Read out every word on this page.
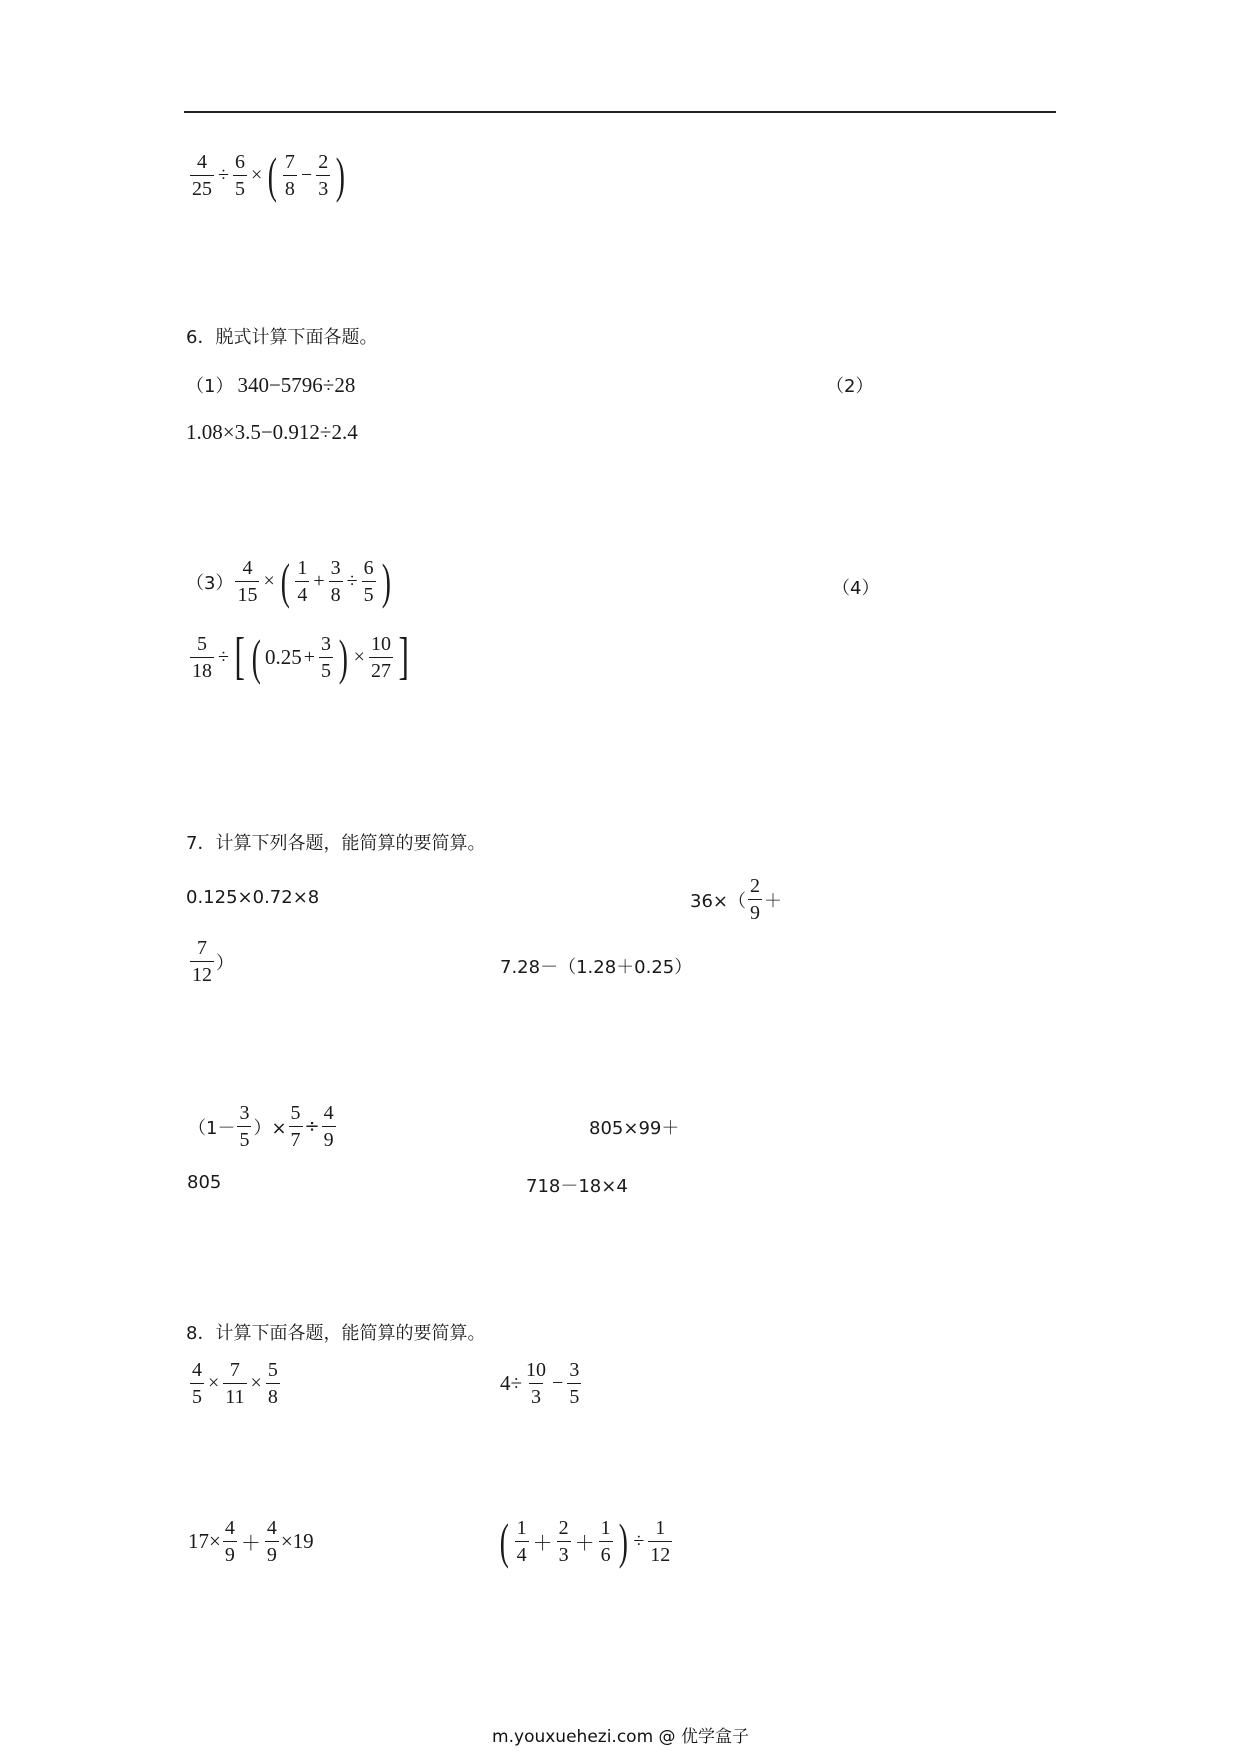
$\frac{4}{25} \div \frac{6}{5}$ × ( $\frac{7}{8} - \frac{2}{3}$ )
6．脱式计算下面各题。
（1） 340−5796÷28	（2）
1.08×3.5−0.912÷2.4
$(3) \frac{4}{15}$ × ( $\frac{1}{4} + \frac{3}{8} \div \frac{6}{5}$ )	（4）
$\frac{5}{18}$ ÷ [ ( $0.25 + \frac{3}{5}$ ) × $\frac{10}{27}$ ]
7．计算下列各题，能简算的要简算。
0.125×0.72×8	$36\times( \frac{2}{9}$ ＋
$\frac{7}{12}$ ）	7.28－（1.28＋0.25）
（$1- \frac{3}{5}$ ）× $\frac{5}{7} \div \frac{4}{9}$	805×99＋
805	718－18×4
8．计算下面各题，能简算的要简算。
$\frac{4}{5} \times \frac{7}{11} \times \frac{5}{8}$	$4\div \frac{10}{3} - \frac{3}{5}$
$17\times \frac{4}{9} + \frac{4}{9} \times 19$	( $\frac{1}{4} + \frac{2}{3} + \frac{1}{6}$ ) ÷ $\frac{1}{12}$
m.youxuehezi.com @ 优学盒子
